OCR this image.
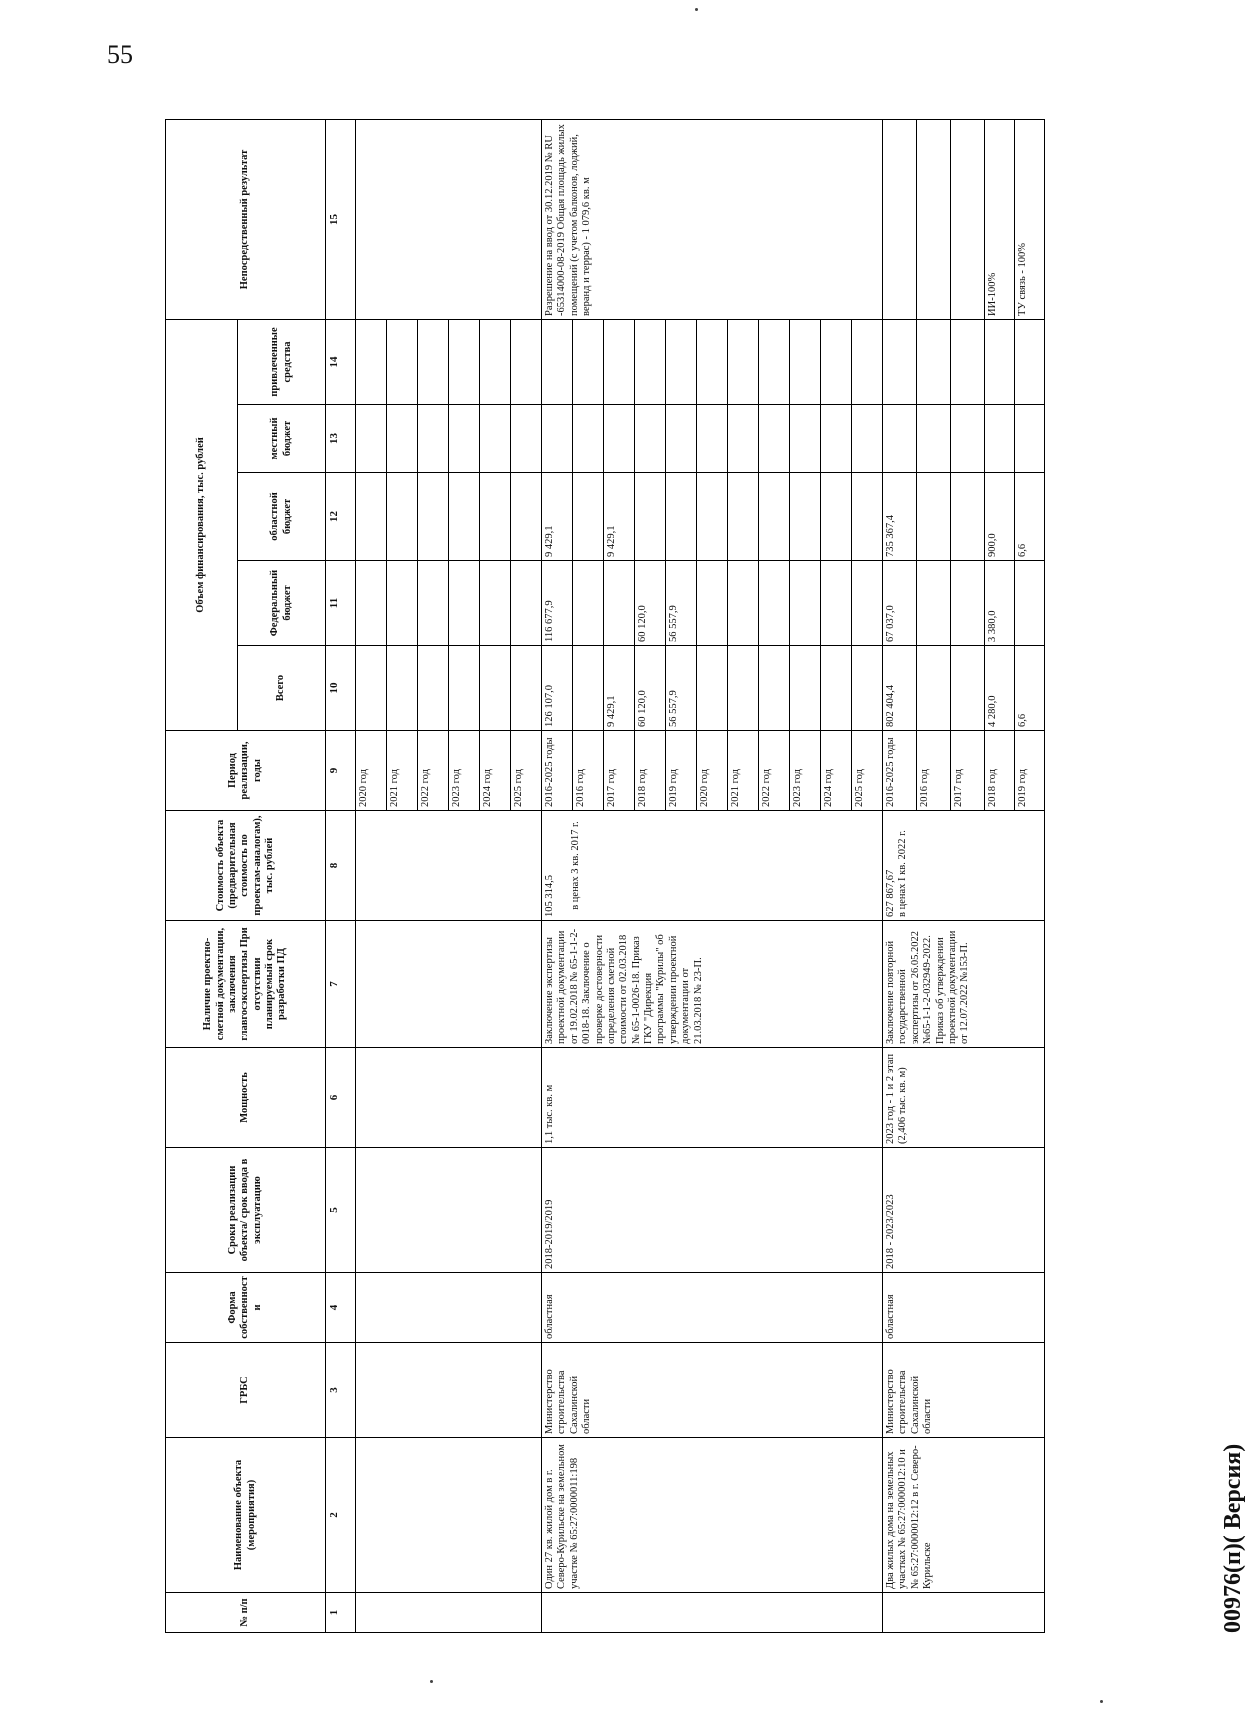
55
№ п/п	Наименование объекта (мероприятия)	ГРБС	Форма собственности	Сроки реализации объекта/ срок ввода в эксплуатацию	Мощность	Наличие проектно-сметной документации, заключения главгосэкспертизы При отсутствии планируемый срок разработки ПД	Стоимость объекта (предварительная стоимость по проектам-аналогам), тыс. рублей	Период реализации, годы	Объем финансирования, тыс. рублей					Непосредственный результат
									Всего	Федеральный бюджет	областной бюджет	местный бюджет	привлеченные средства	
1	2	3	4	5	6	7	8	9	10	11	12	13	14	15
								2020 год						
								2021 год						
								2022 год						
								2023 год						
								2024 год						
								2025 год						
	Один 27 кв. жилой дом в г. Северо-Курильске на земельном участке № 65:27:0000011:198	Министерство строительства Сахалинской области	областная	2018-2019/2019	1,1 тыс. кв. м	Заключение экспертизы проектной документации от 19.02.2018 № 65-1-1-2-0018-18. Заключение о проверке достоверности определения сметной стоимости от 02.03.2018 № 65-1-0026-18. Приказ ГКУ "Дирекция программы "Курилы" об утверждении проектной документации от 21.03.2018 № 23-П.	105 314,5 в ценах 3 кв. 2017 г.	2016-2025 годы	126 107,0	116 677,9	9 429,1			Разрешение на ввод от 30.12.2019 № RU -65314000-08-2019 Общая площадь жилых помещений (с учетом балконов, лоджий, веранд и террас) - 1 079,6 кв. м
								2016 год						
								2017 год	9 429,1		9 429,1			
								2018 год	60 120,0	60 120,0				
								2019 год	56 557,9	56 557,9				
								2020 год						
								2021 год						
								2022 год						
								2023 год						
								2024 год						
								2025 год						
	Два жилых дома на земельных участках № 65:27:0000012:10 и № 65:27:0000012:12 в г. Северо-Курильске	Министерство строительства Сахалинской области	областная	2018 - 2023/2023	2023 год - 1 и 2 этап (2,406 тыс. кв. м)	Заключение повторной государственной экспертизы от 26.05.2022 №65-1-1-2-032949-2022. Приказ об утверждении проектной документации от 12.07.2022 №153-П.	627 867,67 в ценах I кв. 2022 г.	2016-2025 годы	802 404,4	67 037,0	735 367,4			
								2016 год						
								2017 год						
								2018 год	4 280,0	3 380,0	900,0			ИИ-100%
								2019 год	6,6		6,6			ТУ связь - 100%
00976(п)( Версия)
